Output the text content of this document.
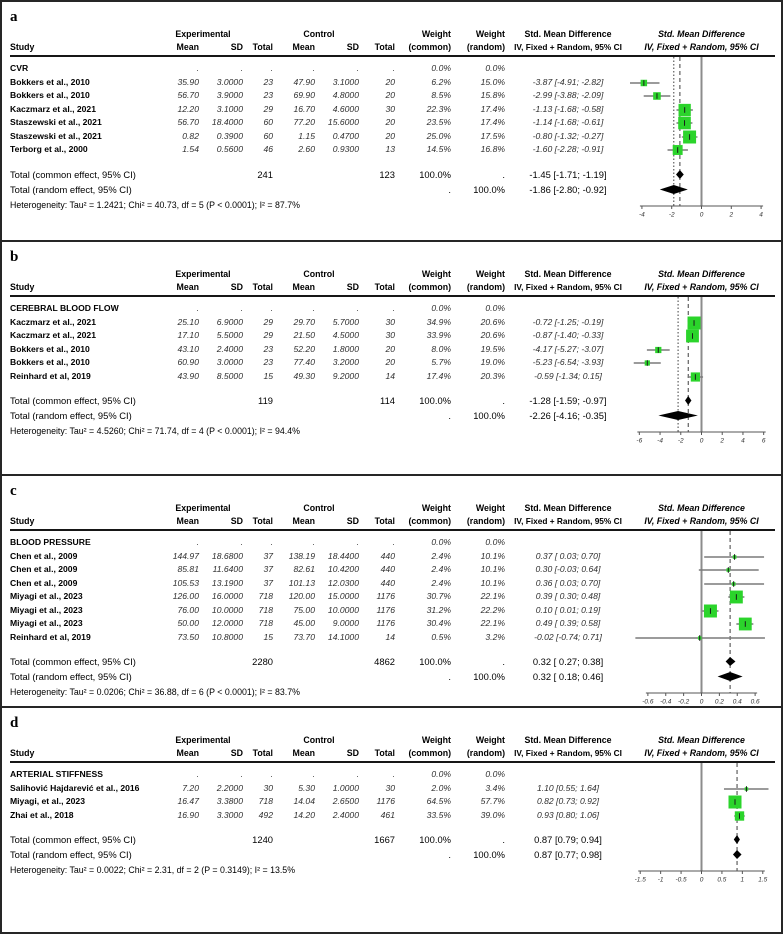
a
Study
Experimental	Control
Mean	SD	Total	Mean	SD	Total
Weight
(common)
Weight
(random)
Std. Mean Difference
IV, Fixed + Random, 95% CI
Std. Mean Difference
IV, Fixed + Random, 95% CI
CVR	.	.	.	.	.	.	0.0%	0.0%
Bokkers et al., 2010	35.90	3.0000	23	47.90	3.1000	20	6.2%	15.0%	-3.87 [-4.91; -2.82]
Bokkers et al., 2010	56.70	3.9000	23	69.90	4.8000	20	8.5%	15.8%	-2.99 [-3.88; -2.09]
Kaczmarz et al., 2021	12.20	3.1000	29	16.70	4.6000	30	22.3%	17.4%	-1.13 [-1.68; -0.58]
Staszewski et al., 2021	56.70	18.4000	60	77.20	15.6000	20	23.5%	17.4%	-1.14 [-1.68; -0.61]
Staszewski et al., 2021	0.82	0.3900	60	1.15	0.4700	20	25.0%	17.5%	-0.80 [-1.32; -0.27]
Terborg et al., 2000	1.54	0.5600	46	2.60	0.9300	13	14.5%	16.8%	-1.60 [-2.28; -0.91]
Total (common effect, 95% CI)	241	123	100.0%	.	-1.45 [-1.71; -1.19]
Total (random effect, 95% CI)	.	100.0%	-1.86 [-2.80; -0.92]
Heterogeneity: Tau² = 1.2421; Chi² = 40.73, df = 5 (P < 0.0001); I² = 87.7%
-4	-2	0	2	4
b
Study
Experimental	Control
Mean	SD	Total	Mean	SD	Total
Weight
(common)
Weight
(random)
Std. Mean Difference
IV, Fixed + Random, 95% CI
Std. Mean Difference
IV, Fixed + Random, 95% CI
CEREBRAL BLOOD FLOW	.	.	.	.	.	.	0.0%	0.0%
Kaczmarz et al., 2021	25.10	6.9000	29	29.70	5.7000	30	34.9%	20.6%	-0.72 [-1.25; -0.19]
Kaczmarz et al., 2021	17.10	5.5000	29	21.50	4.5000	30	33.9%	20.6%	-0.87 [-1.40; -0.33]
Bokkers et al., 2010	43.10	2.4000	23	52.20	1.8000	20	8.0%	19.5%	-4.17 [-5.27; -3.07]
Bokkers et al., 2010	60.90	3.0000	23	77.40	3.2000	20	5.7%	19.0%	-5.23 [-6.54; -3.93]
Reinhard et al, 2019	43.90	8.5000	15	49.30	9.2000	14	17.4%	20.3%	-0.59 [-1.34; 0.15]
Total (common effect, 95% CI)	119	114	100.0%	.	-1.28 [-1.59; -0.97]
Total (random effect, 95% CI)	.	100.0%	-2.26 [-4.16; -0.35]
Heterogeneity: Tau² = 4.5260; Chi² = 71.74, df = 4 (P < 0.0001); I² = 94.4%
-6 -4 -2 0	2	4	6
c
Study
Experimental	Control
Mean	SD	Total	Mean	SD	Total
Weight
(common)
Weight
(random)
Std. Mean Difference
IV, Fixed + Random, 95% CI
Std. Mean Difference
IV, Fixed + Random, 95% CI
BLOOD PRESSURE	.	.	.	.	.	.	0.0%	0.0%
Chen et al., 2009	144.97	18.6800	37	138.19	18.4400	440	2.4%	10.1%	0.37 [ 0.03; 0.70]
Chen et al., 2009	85.81	11.6400	37	82.61	10.4200	440	2.4%	10.1%	0.30 [-0.03; 0.64]
Chen et al., 2009	105.53	13.1900	37	101.13	12.0300	440	2.4%	10.1%	0.36 [ 0.03; 0.70]
Miyagi et al., 2023	126.00	16.0000	718	120.00	15.0000	1176	30.7%	22.1%	0.39 [ 0.30; 0.48]
Miyagi et al., 2023	76.00	10.0000	718	75.00	10.0000	1176	31.2%	22.2%	0.10 [ 0.01; 0.19]
Miyagi et al., 2023	50.00	12.0000	718	45.00	9.0000	1176	30.4%	22.1%	0.49 [ 0.39; 0.58]
Reinhard et al, 2019	73.50	10.8000	15	73.70	14.1000	14	0.5%	3.2%	-0.02 [-0.74; 0.71]
Total (common effect, 95% CI)	2280	4862	100.0%	.	0.32 [ 0.27; 0.38]
Total (random effect, 95% CI)	.	100.0%	0.32 [ 0.18; 0.46]
Heterogeneity: Tau² = 0.0206; Chi² = 36.88, df = 6 (P < 0.0001); I² = 83.7%
-0.6 -0.4 -0.2 0 0.2 0.4 0.6
d
Study
Experimental	Control
Mean	SD	Total	Mean	SD	Total
Weight
(common)
Weight
(random)
Std. Mean Difference
IV, Fixed + Random, 95% CI
Std. Mean Difference
IV, Fixed + Random, 95% CI
ARTERIAL STIFFNESS	.	.	.	.	.	.	0.0%	0.0%
Salihović Hajdarević et al., 2016	7.20	2.2000	30	5.30	1.0000	30	2.0%	3.4%	1.10 [0.55; 1.64]
Miyagi, et al., 2023	16.47	3.3800	718	14.04	2.6500	1176	64.5%	57.7%	0.82 [0.73; 0.92]
Zhai et al., 2018	16.90	3.3000	492	14.20	2.4000	461	33.5%	39.0%	0.93 [0.80; 1.06]
Total (common effect, 95% CI)	1240	1667	100.0%	.	0.87 [0.79; 0.94]
Total (random effect, 95% CI)	.	100.0%	0.87 [0.77; 0.98]
Heterogeneity: Tau² = 0.0022; Chi² = 2.31, df = 2 (P = 0.3149); I² = 13.5%
-1.5 -1 -0.5 0 0.5 1 1.5
